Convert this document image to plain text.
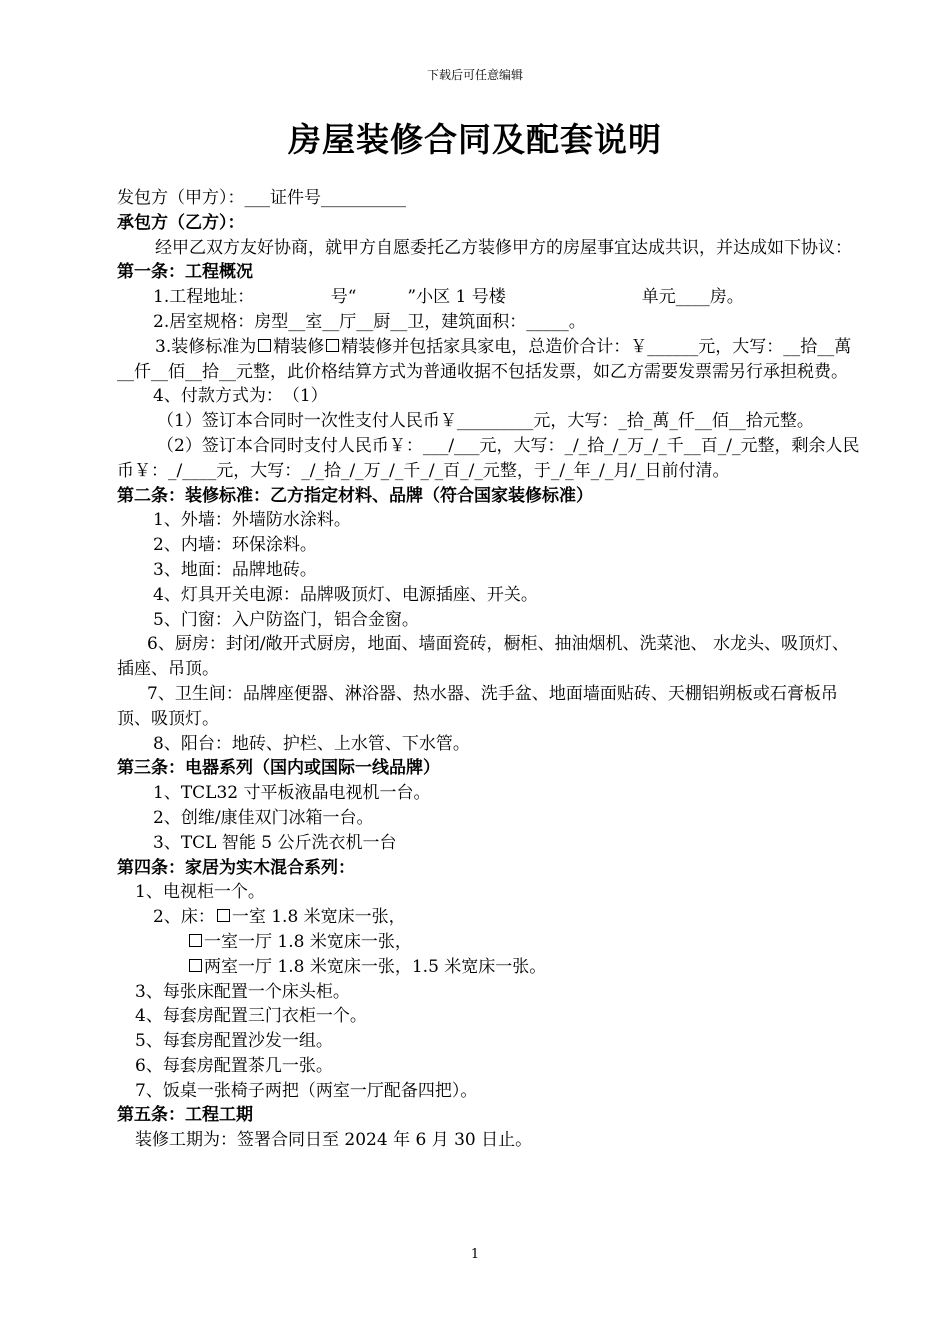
下载后可任意编辑
房屋装修合同及配套说明

发包方（甲方）：___证件号__________

承包方（乙方）：

经甲乙双方友好协商，就甲方自愿委托乙方装修甲方的房屋事宜达成共识，并达成如下协议：

第一条：工程概况

1.工程地址：　　　　　号“　　　”小区 1 号楼　　　　　　　　单元____房。

2.居室规格：房型__室__厅__厨__卫，建筑面积：_____。

3.装修标准为 精装修 精装修并包括家具家电，总造价合计：￥______元，大写：__拾__萬__仟__佰__拾__元整，此价格结算方式为普通收据不包括发票，如乙方需要发票需另行承担税费。

4、付款方式为：　（1）　

（1）签订本合同时一次性支付人民币￥_________元，大写：_拾_萬_仟__佰__拾元整。

（2）签订本合同时支付人民币￥：___/___元，大写：_/_拾_/_万_/_千__百_/_元整，剩余人民币￥：_/____元，大写：_/_拾_/_万_/_千_/_百_/_元整，于_/_年_/_月/_日前付清。

第二条：装修标准：乙方指定材料、品牌（符合国家装修标准）

1、外墙：外墙防水涂料。

2、内墙：环保涂料。

3、地面：品牌地砖。

4、灯具开关电源：品牌吸顶灯、电源插座、开关。

5、门窗：入户防盗门，铝合金窗。

6、厨房：封闭/敞开式厨房，地面、墙面瓷砖，橱柜、抽油烟机、洗菜池、 水龙头、吸顶灯、插座、吊顶。

7、卫生间：品牌座便器、淋浴器、热水器、洗手盆、地面墙面贴砖、天棚铝朔板或石膏板吊顶、吸顶灯。

8、阳台：地砖、护栏、上水管、下水管。

第三条：电器系列（国内或国际一线品牌）

1、TCL32 寸平板液晶电视机一台。

2、创维/康佳双门冰箱一台。

3、TCL 智能 5 公斤洗衣机一台

第四条：家居为实木混合系列：

1、电视柜一个。

2、床： 一室 1.8 米宽床一张，

一室一厅 1.8 米宽床一张，

两室一厅 1.8 米宽床一张，1.5 米宽床一张。

3、每张床配置一个床头柜。

4、每套房配置三门衣柜一个。

5、每套房配置沙发一组。

6、每套房配置茶几一张。

7、饭桌一张椅子两把（两室一厅配备四把）。

第五条：工程工期

装修工期为：签署合同日至 2024 年 6 月 30 日止。

1
